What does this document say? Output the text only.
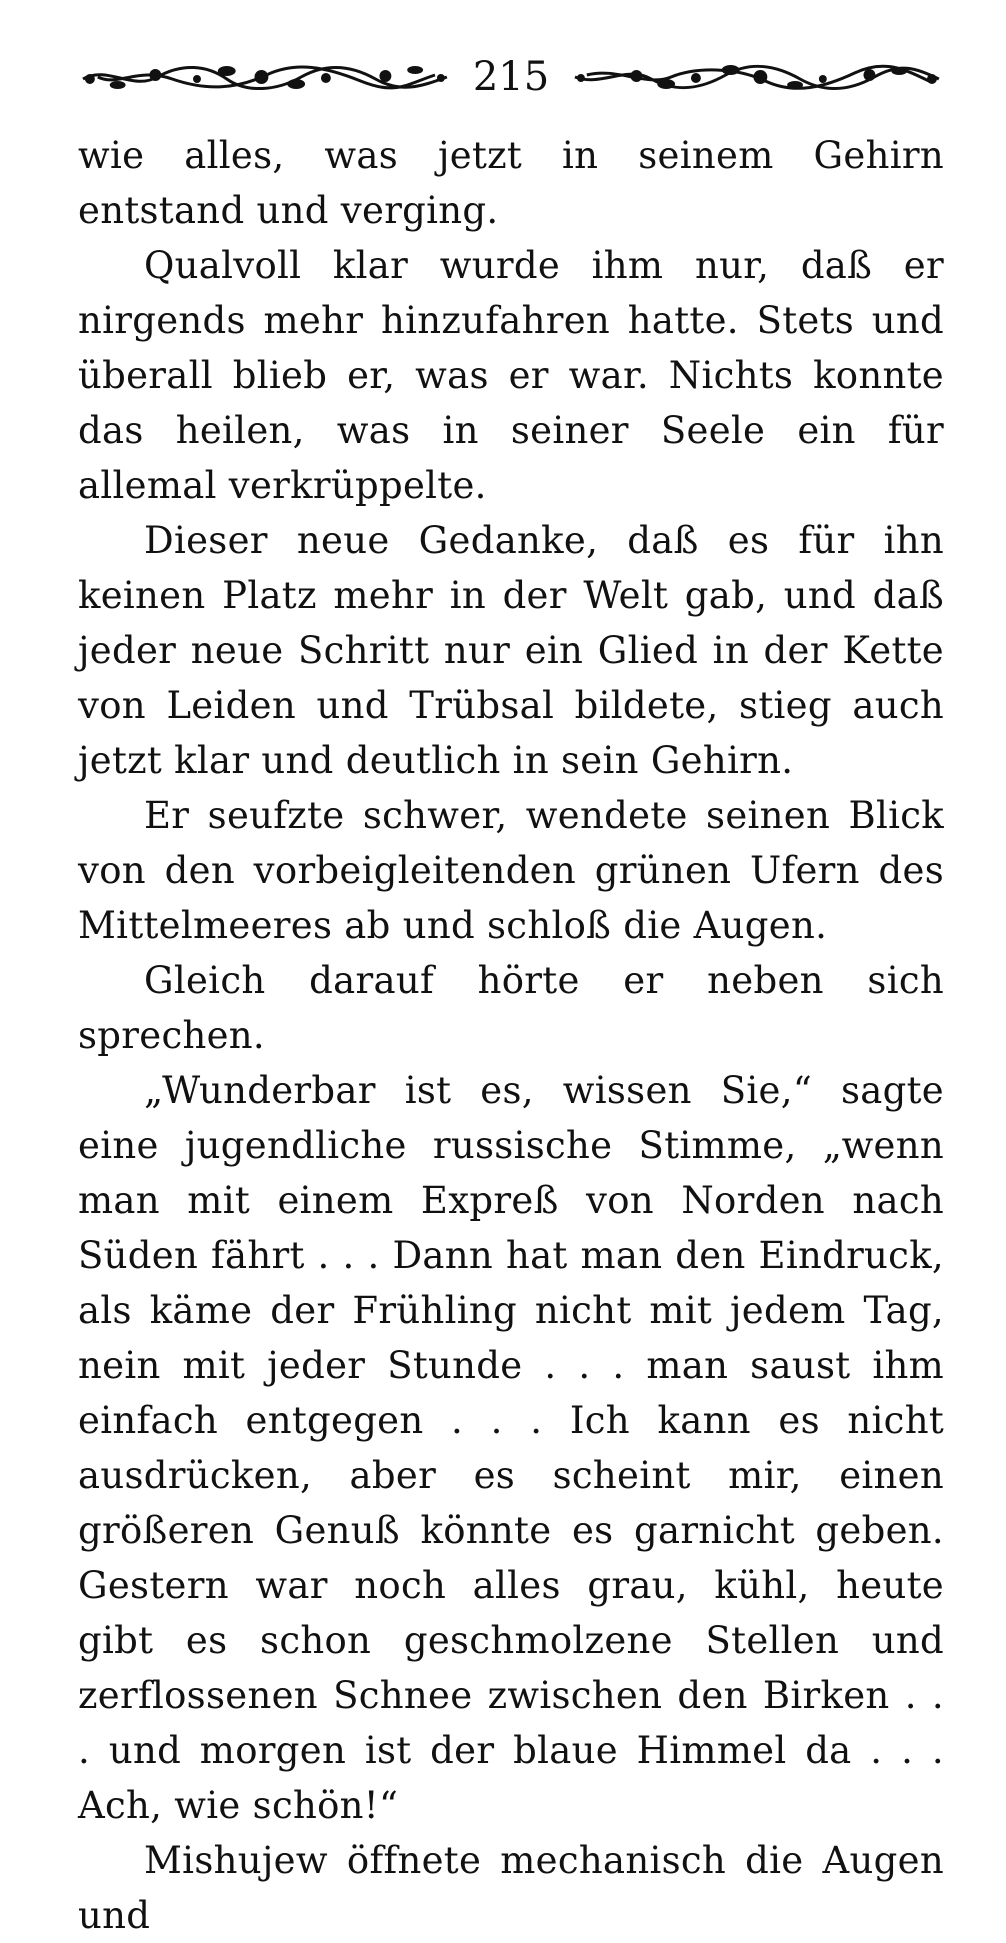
215

wie alles, was jetzt in seinem Gehirn entstand und verging.

Qualvoll klar wurde ihm nur, daß er nirgends mehr hinzufahren hatte. Stets und überall blieb er, was er war. Nichts konnte das heilen, was in seiner Seele ein für allemal verkrüppelte.

Dieser neue Gedanke, daß es für ihn keinen Platz mehr in der Welt gab, und daß jeder neue Schritt nur ein Glied in der Kette von Leiden und Trübsal bildete, stieg auch jetzt klar und deutlich in sein Gehirn.

Er seufzte schwer, wendete seinen Blick von den vorbeigleitenden grünen Ufern des Mittelmeeres ab und schloß die Augen.

Gleich darauf hörte er neben sich sprechen.

„Wunderbar ist es, wissen Sie,“ sagte eine jugendliche russische Stimme, „wenn man mit einem Expreß von Norden nach Süden fährt . . . Dann hat man den Eindruck, als käme der Frühling nicht mit jedem Tag, nein mit jeder Stunde . . . man saust ihm einfach entgegen . . . Ich kann es nicht ausdrücken, aber es scheint mir, einen größeren Genuß könnte es garnicht geben. Gestern war noch alles grau, kühl, heute gibt es schon geschmolzene Stellen und zerflossenen Schnee zwischen den Birken . . . und morgen ist der blaue Himmel da . . . Ach, wie schön!“

Mishujew öffnete mechanisch die Augen und
